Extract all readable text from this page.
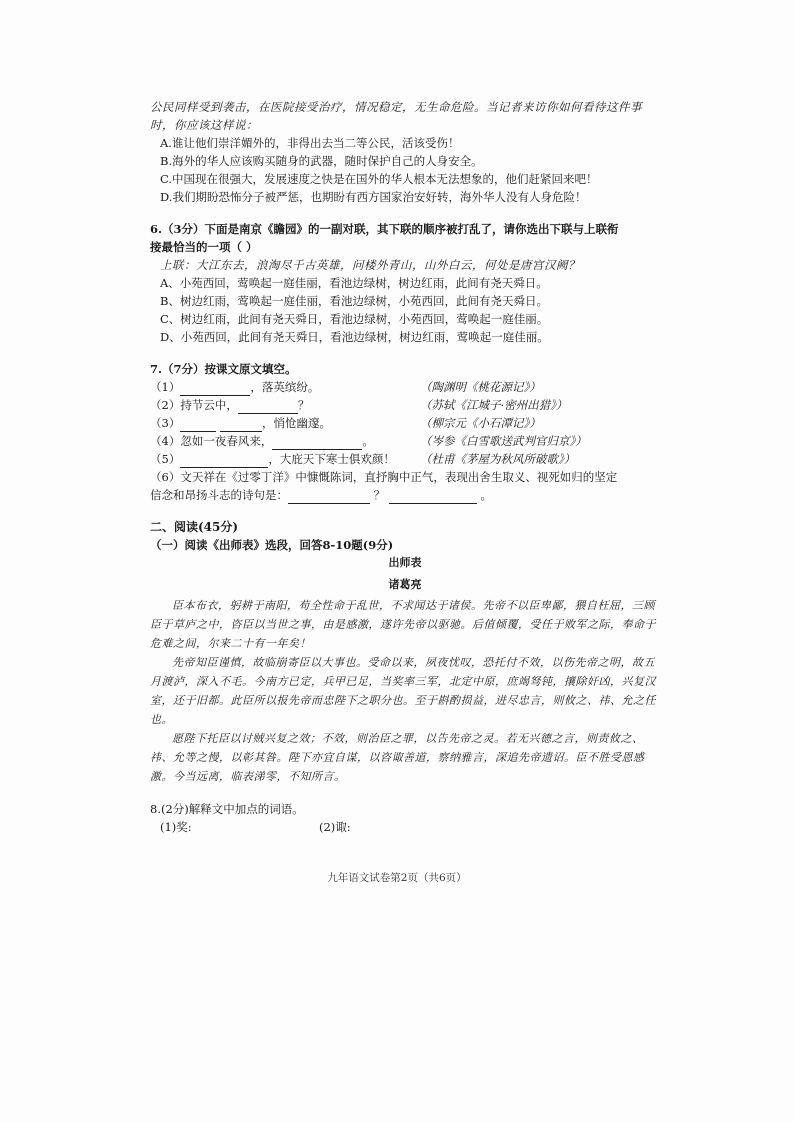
公民同样受到袭击，在医院接受治疗，情况稳定，无生命危险。当记者来访你如何看待这件事
时，你应该这样说：
A.谁让他们崇洋媚外的，非得出去当二等公民，活该受伤！
B.海外的华人应该购买随身的武器，随时保护自己的人身安全。
C.中国现在很强大，发展速度之快是在国外的华人根本无法想象的，他们赶紧回来吧！
D.我们期盼恐怖分子被严惩，也期盼有西方国家治安好转，海外华人没有人身危险！
6.（3分）下面是南京《瞻园》的一副对联，其下联的顺序被打乱了，请你选出下联与上联衔
接最恰当的一项（ ）
上联：大江东去，浪淘尽千古英雄，问楼外青山，山外白云，何处是唐宫汉阙？
A、小苑西回，莺唤起一庭佳丽，看池边绿树，树边红雨，此间有尧天舜日。
B、树边红雨，莺唤起一庭佳丽，看池边绿树，小苑西回，此间有尧天舜日。
C、树边红雨，此间有尧天舜日，看池边绿树，小苑西回，莺唤起一庭佳丽。
D、小苑西回，此间有尧天舜日，看池边绿树，树边红雨，莺唤起一庭佳丽。
7.（7分）按课文原文填空。
（1）	，落英缤纷。	（陶渊明《桃花源记》）
（2）持节云中，	？	（苏轼《江城子·密州出猎》）
（3）	，悄怆幽邃。	（柳宗元《小石潭记》）
（4）忽如一夜春风来，	。	（岑参《白雪歌送武判官归京》）
（5）	，大庇天下寒士俱欢颜！	（杜甫《茅屋为秋风所破歌》）
（6）文天祥在《过零丁洋》中慷慨陈词，直抒胸中正气，表现出舍生取义、视死如归的坚定
信念和昂扬斗志的诗句是：	？	。
二、阅读(45分)
（一）阅读《出师表》选段，回答8-10题(9分)
出师表
诸葛亮

臣本布衣，躬耕于南阳，苟全性命于乱世，不求闻达于诸侯。先帝不以臣卑鄙，猥自枉屈，三顾臣于草庐之中，咨臣以当世之事，由是感激，遂许先帝以驱驰。后值倾覆，受任于败军之际，奉命于危难之间，尔来二十有一年矣！

先帝知臣谨慎，故临崩寄臣以大事也。受命以来，夙夜忧叹，恐托付不效，以伤先帝之明，故五月渡泸，深入不毛。今南方已定，兵甲已足，当奖率三军，北定中原，庶竭驽钝，攘除奸凶，兴复汉室，还于旧都。此臣所以报先帝而忠陛下之职分也。至于斟酌损益，进尽忠言，则攸之、祎、允之任也。

愿陛下托臣以讨贼兴复之效；不效，则治臣之罪，以告先帝之灵。若无兴德之言，则责攸之、祎、允等之慢，以彰其咎。陛下亦宜自谋，以咨诹善道，察纳雅言，深追先帝遗诏。臣不胜受恩感激。今当远离，临表涕零，不知所言。

8.(2分)解释文中加点的词语。
(1)奖:	(2)诹:
九年语文试卷第2页（共6页）
